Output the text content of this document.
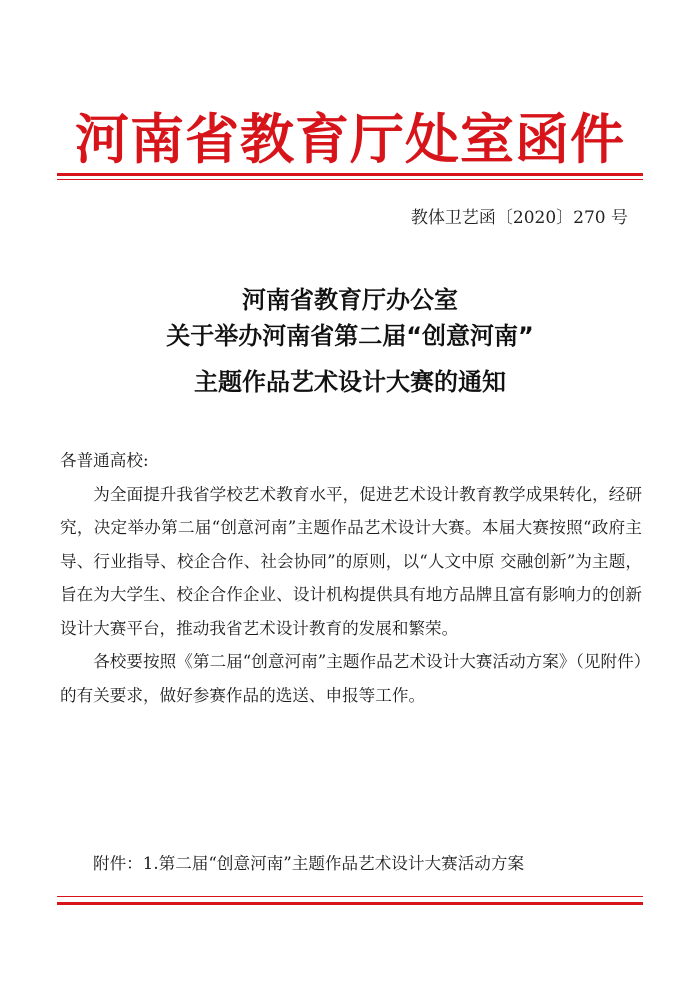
河南省教育厅处室函件
教体卫艺函〔2020〕270 号
河南省教育厅办公室
关于举办河南省第二届“创意河南”
主题作品艺术设计大赛的通知

各普通高校:

为全面提升我省学校艺术教育水平，促进艺术设计教育教学成果转化，经研究，决定举办第二届“创意河南”主题作品艺术设计大赛。本届大赛按照“政府主导、行业指导、校企合作、社会协同”的原则，以“人文中原 交融创新”为主题，旨在为大学生、校企合作企业、设计机构提供具有地方品牌且富有影响力的创新设计大赛平台，推动我省艺术设计教育的发展和繁荣。

各校要按照《第二届“创意河南”主题作品艺术设计大赛活动方案》（见附件）的有关要求，做好参赛作品的选送、申报等工作。

附件：1.第二届“创意河南”主题作品艺术设计大赛活动方案
